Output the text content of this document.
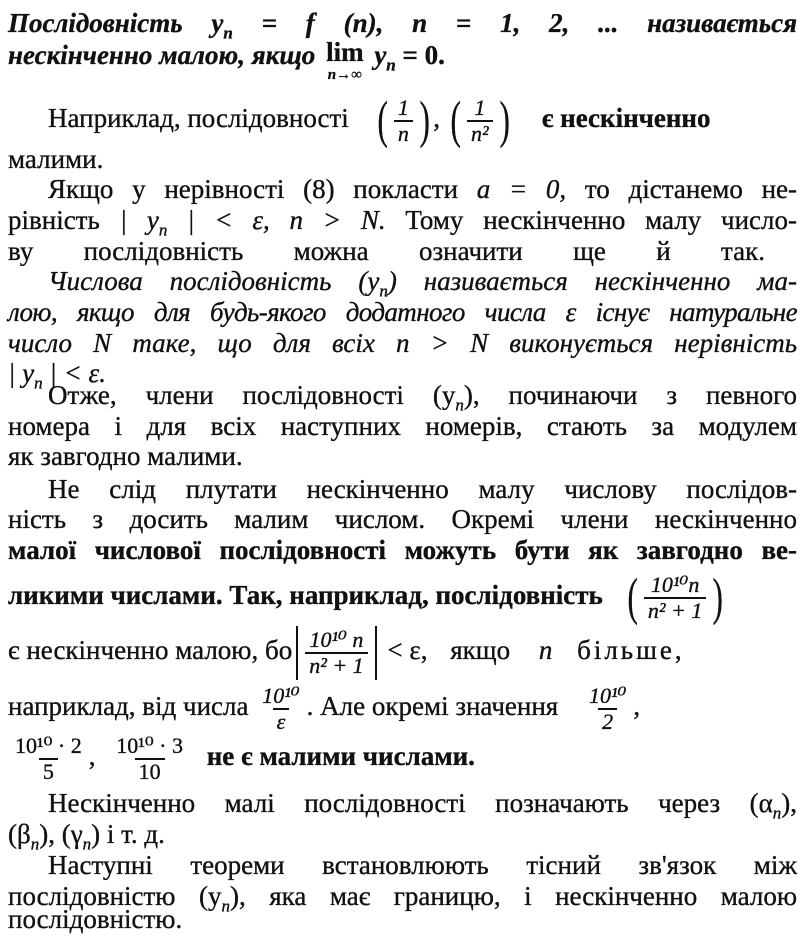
Послідовність $y_n = f$ (n), n = 1, 2, ... називається
нескінченно малою, якщо lim
n→∞
$y_n = 0$.
Наприклад, послідовності ( $\frac{1}{n}$ ) , ( $\frac{1}{\text{n²}}$ ) є нескінченно
малими.
Якщо у нерівності (8) покласти a = 0, то дістанемо не-
рівність | $y_n$ | < ε, n > N. Тому нескінченно малу число-
ву послідовність можна означити ще й так.
Числова послідовність $(y_n)$ називається нескінченно ма-
лою, якщо для будь-якого додатного числа ε існує натуральне
число N таке, що для всіх n > N виконується нерівність
| $y_n$ | < ε.
Отже, члени послідовності $(y_n)$, починаючи з певного
номера і для всіх наступних номерів, стають за модулем
як завгодно малими.
Не слід плутати нескінченно малу числову послідов-
ність з досить малим числом. Окремі члени нескінченно
малої числової послідовності можуть бути як завгодно ве-
ликими числами. Так, наприклад, послідовність ( $\frac{\text{10¹⁰n}}{\text{n² + 1}}$ )
є нескінченно малою, бо $\frac{\text{10¹⁰ n}}{\text{n² + 1}} < \varepsilon$, якщо n більше,
наприклад, від числа $\frac{\text{10¹⁰}}{\varepsilon}$ . Але окремі значення $\frac{\text{10¹⁰}}{2}$ ,
$\frac{\text{10¹⁰ · 2}}{5}$ , $\frac{\text{10¹⁰ · 3}}{10}$ не є малими числами.
Нескінченно малі послідовності позначають через $(\alpha_n)$,
$(\beta_n)$, $(\gamma_n)$ і т. д.
Наступні теореми встановлюють тісний зв'язок між
послідовністю $(y_n)$, яка має границю, і нескінченно малою
послідовністю.
